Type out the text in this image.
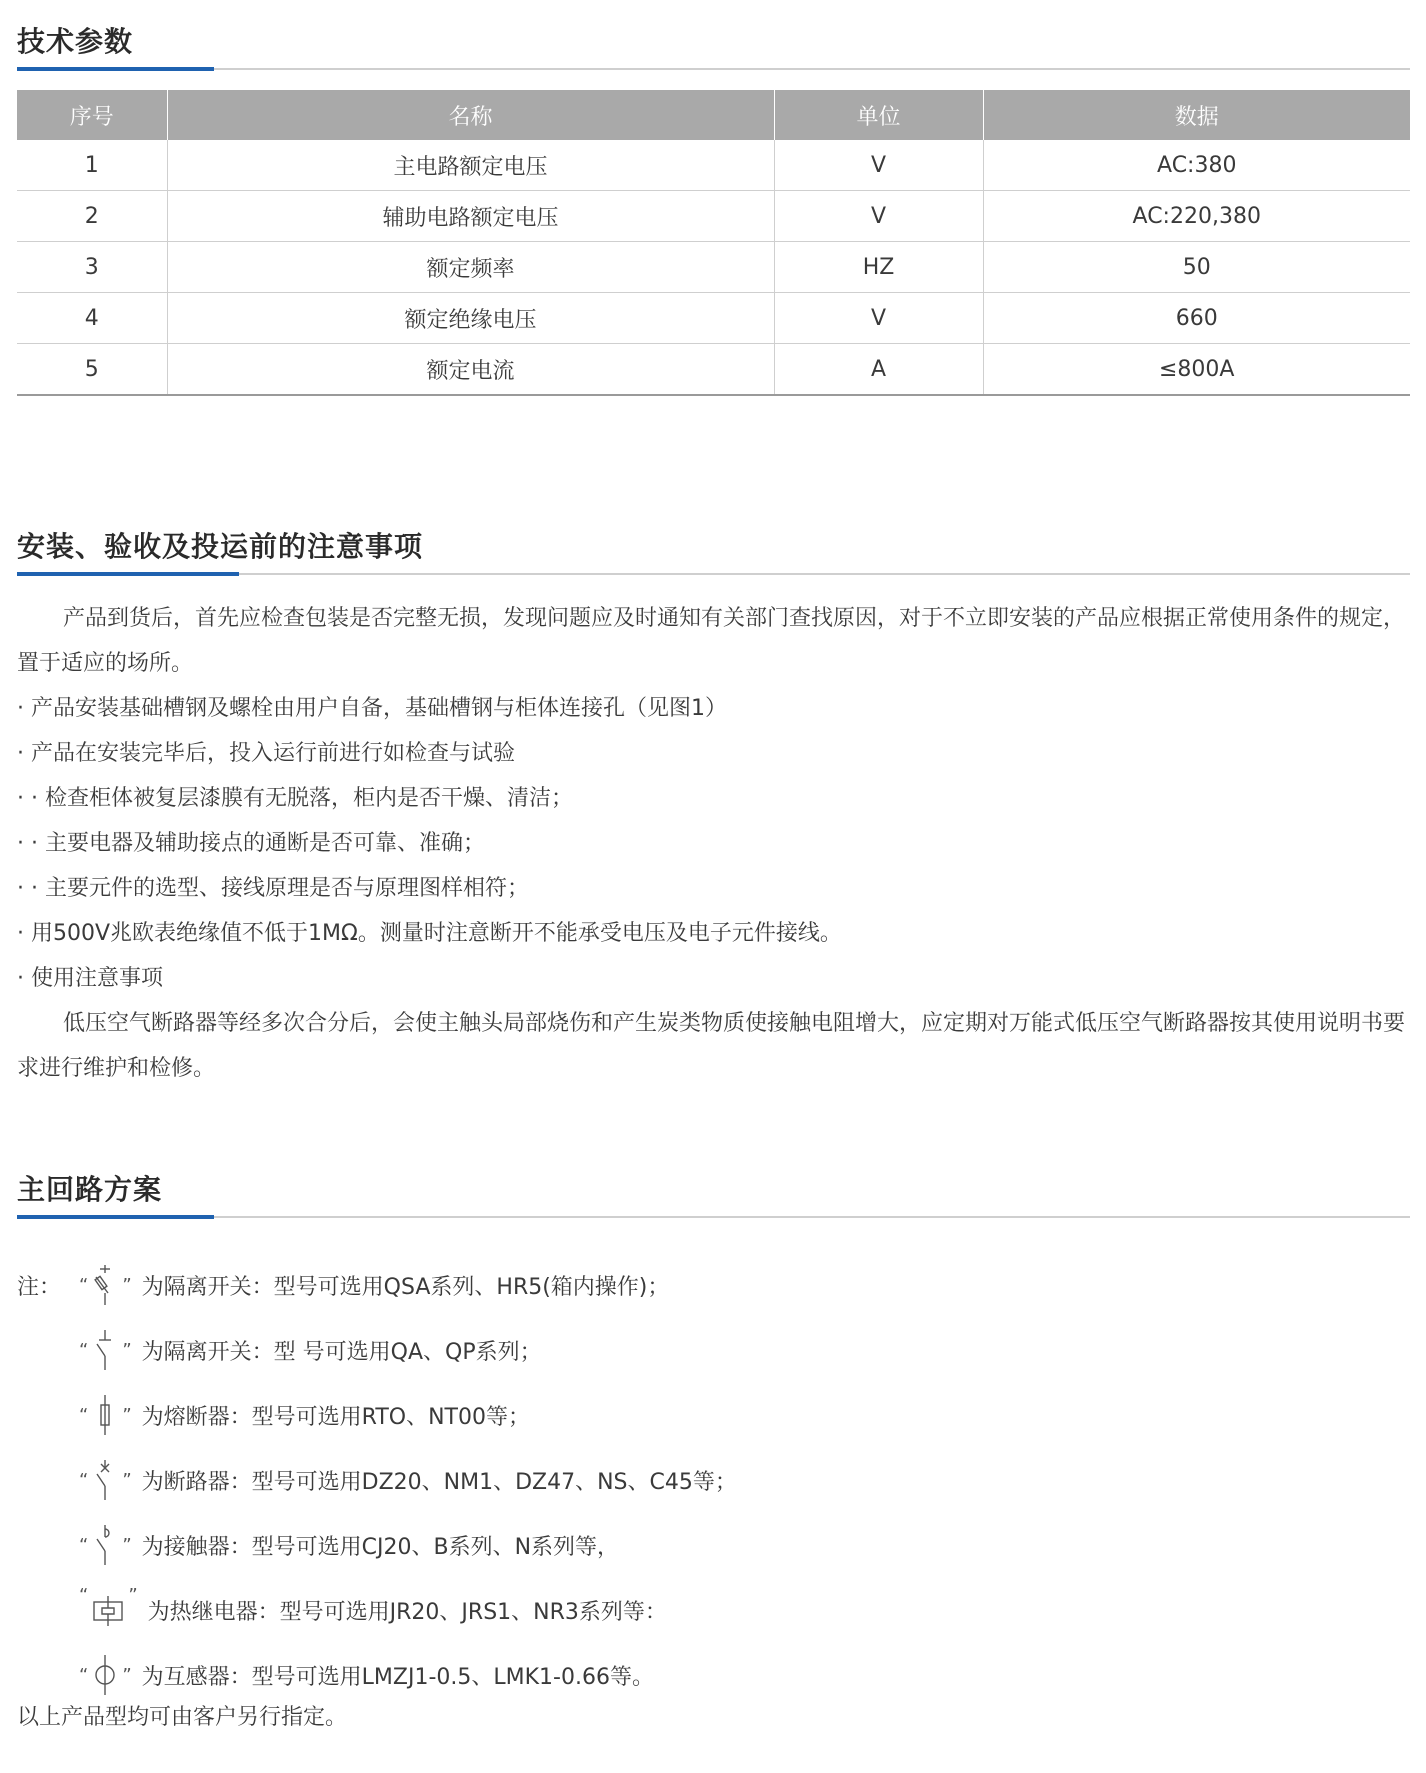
技术参数
序号	名称	单位	数据
1	主电路额定电压	V	AC:380
2	辅助电路额定电压	V	AC:220,380
3	额定频率	HZ	50
4	额定绝缘电压	V	660
5	额定电流	A	≤800A
安装、验收及投运前的注意事项

产品到货后，首先应检查包装是否完整无损，发现问题应及时通知有关部门查找原因，对于不立即安装的产品应根据正常使用条件的规定，置于适应的场所。

· 产品安装基础槽钢及螺栓由用户自备，基础槽钢与柜体连接孔（见图1）

· 产品在安装完毕后，投入运行前进行如检查与试验

· · 检查柜体被复层漆膜有无脱落，柜内是否干燥、清洁；

· · 主要电器及辅助接点的通断是否可靠、准确；

· · 主要元件的选型、接线原理是否与原理图样相符；

· 用500V兆欧表绝缘值不低于1MΩ。测量时注意断开不能承受电压及电子元件接线。

· 使用注意事项

低压空气断路器等经多次合分后，会使主触头局部烧伤和产生炭类物质使接触电阻增大，应定期对万能式低压空气断路器按其使用说明书要求进行维护和检修。

主回路方案
注： “ ” 为隔离开关：型号可选用QSA系列、HR5(箱内操作)；
“ ” 为隔离开关：型 号可选用QA、QP系列；
“ ” 为熔断器：型号可选用RTO、NT00等；
“ ” 为断路器：型号可选用DZ20、NM1、DZ47、NS、C45等；
“ ” 为接触器：型号可选用CJ20、B系列、N系列等，
“ ”
为热继电器：型号可选用JR20、JRS1、NR3系列等：
“ ” 为互感器：型号可选用LMZJ1-0.5、LMK1-0.66等。
以上产品型均可由客户另行指定。
